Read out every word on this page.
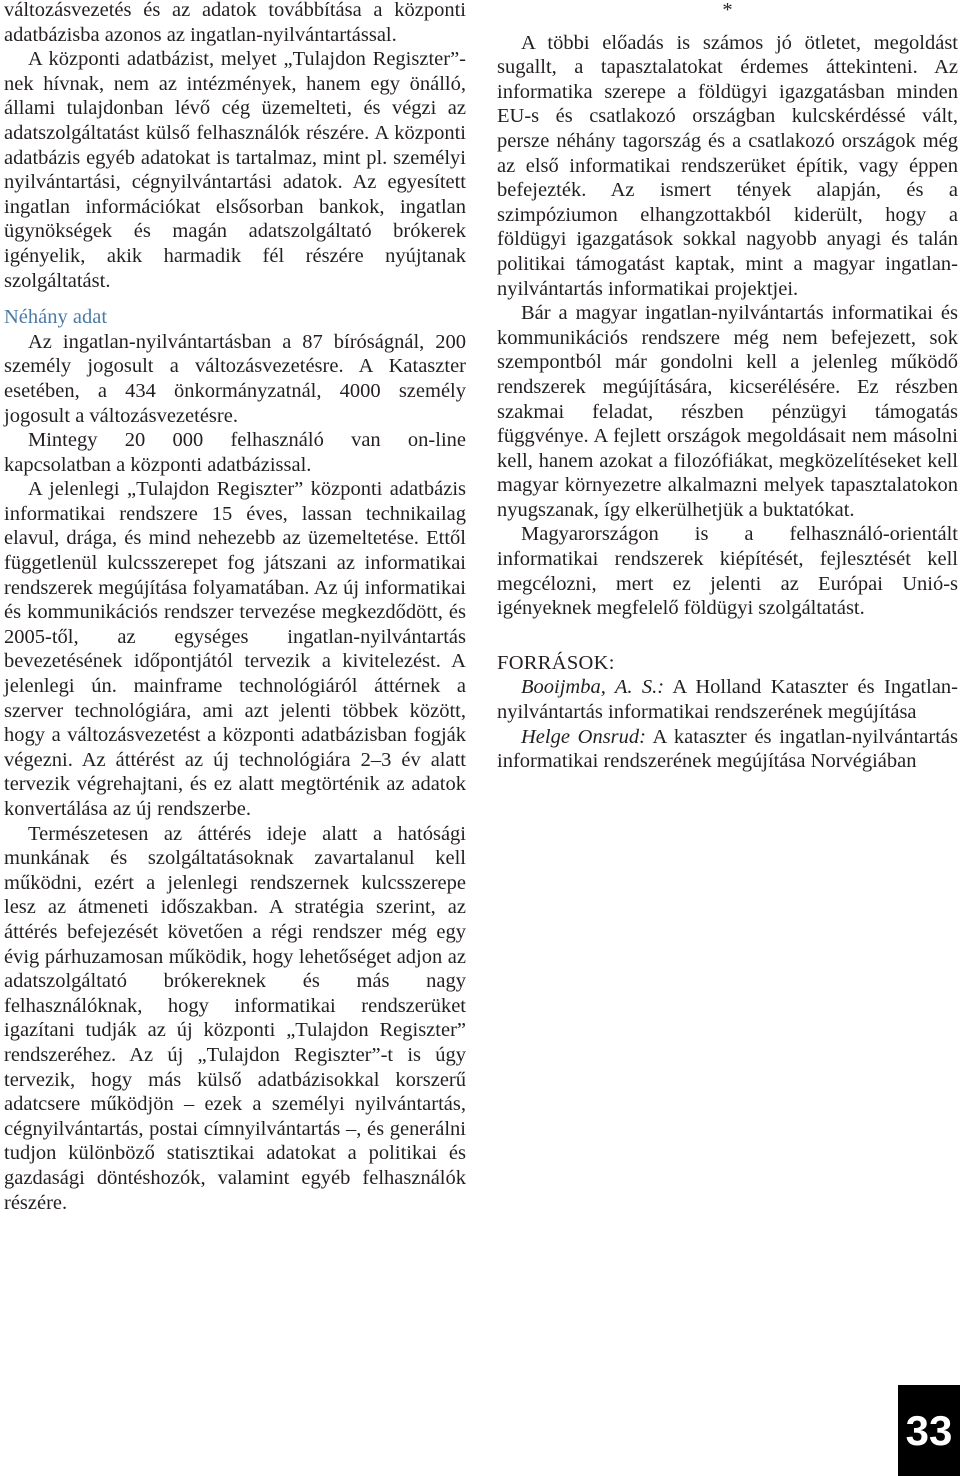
változásvezetés és az adatok továbbítása a központi adatbázisba azonos az ingatlan-nyilvántartással.

A központi adatbázist, melyet „Tulajdon Regiszter”-nek hívnak, nem az intézmények, hanem egy önálló, állami tulajdonban lévő cég üzemelteti, és végzi az adatszolgáltatást külső felhasználók részére. A központi adatbázis egyéb adatokat is tartalmaz, mint pl. személyi nyilvántartási, cégnyilvántartási adatok. Az egyesített ingatlan információkat elsősorban bankok, ingatlan ügynökségek és magán adatszolgáltató brókerek igényelik, akik harmadik fél részére nyújtanak szolgáltatást.

Néhány adat

Az ingatlan-nyilvántartásban a 87 bíróságnál, 200 személy jogosult a változásvezetésre. A Kataszter esetében, a 434 önkormányzatnál, 4000 személy jogosult a változásvezetésre.

Mintegy 20 000 felhasználó van on-line kapcsolatban a központi adatbázissal.

A jelenlegi „Tulajdon Regiszter” központi adatbázis informatikai rendszere 15 éves, lassan technikailag elavul, drága, és mind nehezebb az üzemeltetése. Ettől függetlenül kulcsszerepet fog játszani az informatikai rendszerek megújítása folyamatában. Az új informatikai és kommunikációs rendszer tervezése megkezdődött, és 2005-től, az egységes ingatlan-nyilvántartás bevezetésének időpontjától tervezik a kivitelezést. A jelenlegi ún. mainframe technológiáról áttérnek a szerver technológiára, ami azt jelenti többek között, hogy a változásvezetést a központi adatbázisban fogják végezni. Az áttérést az új technológiára 2–3 év alatt tervezik végrehajtani, és ez alatt megtörténik az adatok konvertálása az új rendszerbe.

Természetesen az áttérés ideje alatt a hatósági munkának és szolgáltatásoknak zavartalanul kell működni, ezért a jelenlegi rendszernek kulcsszerepe lesz az átmeneti időszakban. A stratégia szerint, az áttérés befejezését követően a régi rendszer még egy évig párhuzamosan működik, hogy lehetőséget adjon az adatszolgáltató brókereknek és más nagy felhasználóknak, hogy informatikai rendszerüket igazítani tudják az új központi „Tulajdon Regiszter” rendszeréhez. Az új „Tulajdon Regiszter”-t is úgy tervezik, hogy más külső adatbázisokkal korszerű adatcsere működjön – ezek a személyi nyilvántartás, cégnyilvántartás, postai címnyilvántartás –, és generálni tudjon különböző statisztikai adatokat a politikai és gazdasági döntéshozók, valamint egyéb felhasználók részére.

*

A többi előadás is számos jó ötletet, megoldást sugallt, a tapasztalatokat érdemes áttekinteni. Az informatika szerepe a földügyi igazgatásban minden EU-s és csatlakozó országban kulcskérdéssé vált, persze néhány tagország és a csatlakozó országok még az első informatikai rendszerüket építik, vagy éppen befejezték. Az ismert tények alapján, és a szimpóziumon elhangzottakból kiderült, hogy a földügyi igazgatások sokkal nagyobb anyagi és talán politikai támogatást kaptak, mint a magyar ingatlan-nyilvántartás informatikai projektjei.

Bár a magyar ingatlan-nyilvántartás informatikai és kommunikációs rendszere még nem befejezett, sok szempontból már gondolni kell a jelenleg működő rendszerek megújítására, kicserélésére. Ez részben szakmai feladat, részben pénzügyi támogatás függvénye. A fejlett országok megoldásait nem másolni kell, hanem azokat a filozófiákat, megközelítéseket kell magyar környezetre alkalmazni melyek tapasztalatokon nyugszanak, így elkerülhetjük a buktatókat.

Magyarországon is a felhasználó-orientált informatikai rendszerek kiépítését, fejlesztését kell megcélozni, mert ez jelenti az Európai Unió-s igényeknek megfelelő földügyi szolgáltatást.

FORRÁSOK:

Booijmba, A. S.: A Holland Kataszter és Ingatlan-nyilvántartás informatikai rendszerének megújítása

Helge Onsrud: A kataszter és ingatlan-nyilvántartás informatikai rendszerének megújítása Norvégiában

33
